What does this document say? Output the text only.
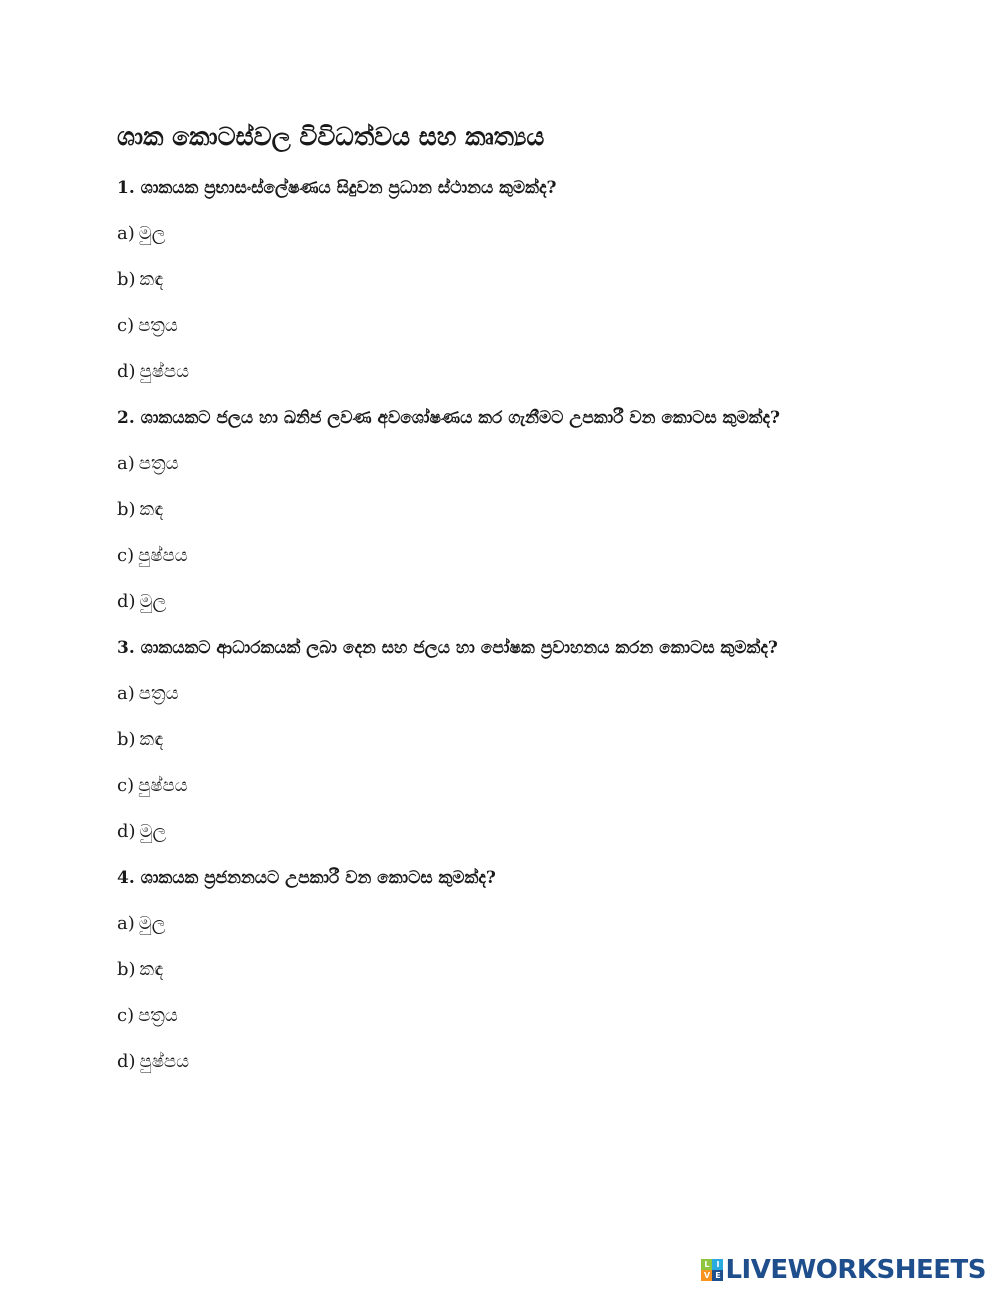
ශාක කොටස්වල විවිධත්වය සහ කෘත්‍යය
1. ශාකයක ප්‍රභාසංස්ලේෂණය සිදුවන ප්‍රධාන ස්ථානය කුමක්ද?
a) මුල
b) කඳ
c) පත්‍රය
d) පුෂ්පය
2. ශාකයකට ජලය හා ඛනිජ ලවණ අවශෝෂණය කර ගැනීමට උපකාරී වන කොටස කුමක්ද?
a) පත්‍රය
b) කඳ
c) පුෂ්පය
d) මුල
3. ශාකයකට ආධාරකයක් ලබා දෙන සහ ජලය හා පෝෂක ප්‍රවාහනය කරන කොටස කුමක්ද?
a) පත්‍රය
b) කඳ
c) පුෂ්පය
d) මුල
4. ශාකයක ප්‍රජනනයට උපකාරී වන කොටස කුමක්ද?
a) මුල
b) කඳ
c) පත්‍රය
d) පුෂ්පය
L I
V E LIVEWORKSHEETS
